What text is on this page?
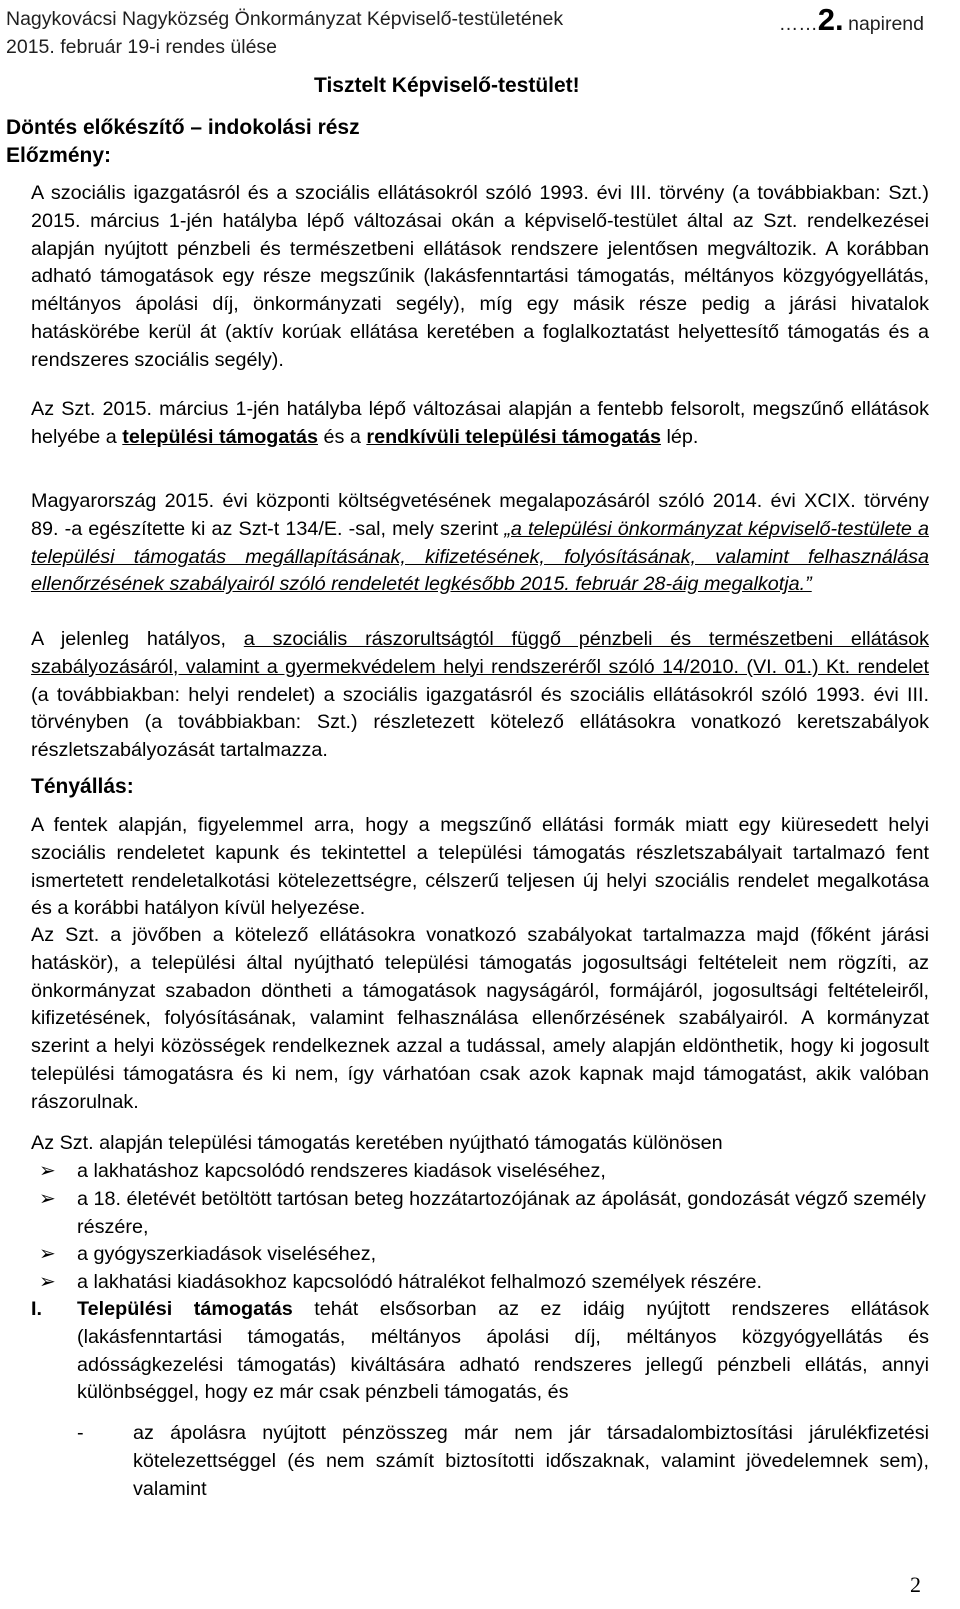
Nagykovácsi Nagyközség Önkormányzat Képviselő-testületének
2015. február 19-i rendes ülése
……2. napirend
Tisztelt Képviselő-testület!
Döntés előkészítő – indokolási rész
Előzmény:

A szociális igazgatásról és a szociális ellátásokról szóló 1993. évi III. törvény (a továbbiakban: Szt.) 2015. március 1-jén hatályba lépő változásai okán a képviselő-testület által az Szt. rendelkezései alapján nyújtott pénzbeli és természetbeni ellátások rendszere jelentősen megváltozik. A korábban adható támogatások egy része megszűnik (lakásfenntartási támogatás, méltányos közgyógyellátás, méltányos ápolási díj, önkormányzati segély), míg egy másik része pedig a járási hivatalok hatáskörébe kerül át (aktív korúak ellátása keretében a foglalkoztatást helyettesítő támogatás és a rendszeres szociális segély).

Az Szt. 2015. március 1-jén hatályba lépő változásai alapján a fentebb felsorolt, megszűnő ellátások helyébe a települési támogatás és a rendkívüli települési támogatás lép.

Magyarország 2015. évi központi költségvetésének megalapozásáról szóló 2014. évi XCIX. törvény 89. -a egészítette ki az Szt-t 134/E. -sal, mely szerint „a települési önkormányzat képviselő-testülete a települési támogatás megállapításának, kifizetésének, folyósításának, valamint felhasználása ellenőrzésének szabályairól szóló rendeletét legkésőbb 2015. február 28-áig megalkotja.”

A jelenleg hatályos, a szociális rászorultságtól függő pénzbeli és természetbeni ellátások szabályozásáról, valamint a gyermekvédelem helyi rendszeréről szóló 14/2010. (VI. 01.) Kt. rendelet (a továbbiakban: helyi rendelet) a szociális igazgatásról és szociális ellátásokról szóló 1993. évi III. törvényben (a továbbiakban: Szt.) részletezett kötelező ellátásokra vonatkozó keretszabályok részletszabályozását tartalmazza.

Tényállás:

A fentek alapján, figyelemmel arra, hogy a megszűnő ellátási formák miatt egy kiüresedett helyi szociális rendeletet kapunk és tekintettel a települési támogatás részletszabályait tartalmazó fent ismertetett rendeletalkotási kötelezettségre, célszerű teljesen új helyi szociális rendelet megalkotása és a korábbi hatályon kívül helyezése.

Az Szt. a jövőben a kötelező ellátásokra vonatkozó szabályokat tartalmazza majd (főként járási hatáskör), a települési által nyújtható települési támogatás jogosultsági feltételeit nem rögzíti, az önkormányzat szabadon döntheti a támogatások nagyságáról, formájáról, jogosultsági feltételeiről, kifizetésének, folyósításának, valamint felhasználása ellenőrzésének szabályairól. A kormányzat szerint a helyi közösségek rendelkeznek azzal a tudással, amely alapján eldönthetik, hogy ki jogosult települési támogatásra és ki nem, így várhatóan csak azok kapnak majd támogatást, akik valóban rászorulnak.

Az Szt. alapján települési támogatás keretében nyújtható támogatás különösen

➢ a lakhatáshoz kapcsolódó rendszeres kiadások viseléséhez,
➢ a 18. életévét betöltött tartósan beteg hozzátartozójának az ápolását, gondozását végző személy részére,
➢ a gyógyszerkiadások viseléséhez,
➢ a lakhatási kiadásokhoz kapcsolódó hátralékot felhalmozó személyek részére.
I. Települési támogatás tehát elsősorban az ez idáig nyújtott rendszeres ellátások (lakásfenntartási támogatás, méltányos ápolási díj, méltányos közgyógyellátás és adósságkezelési támogatás) kiváltására adható rendszeres jellegű pénzbeli ellátás, annyi különbséggel, hogy ez már csak pénzbeli támogatás, és

- az ápolásra nyújtott pénzösszeg már nem jár társadalombiztosítási járulékfizetési kötelezettséggel (és nem számít biztosítotti időszaknak, valamint jövedelemnek sem), valamint

2
